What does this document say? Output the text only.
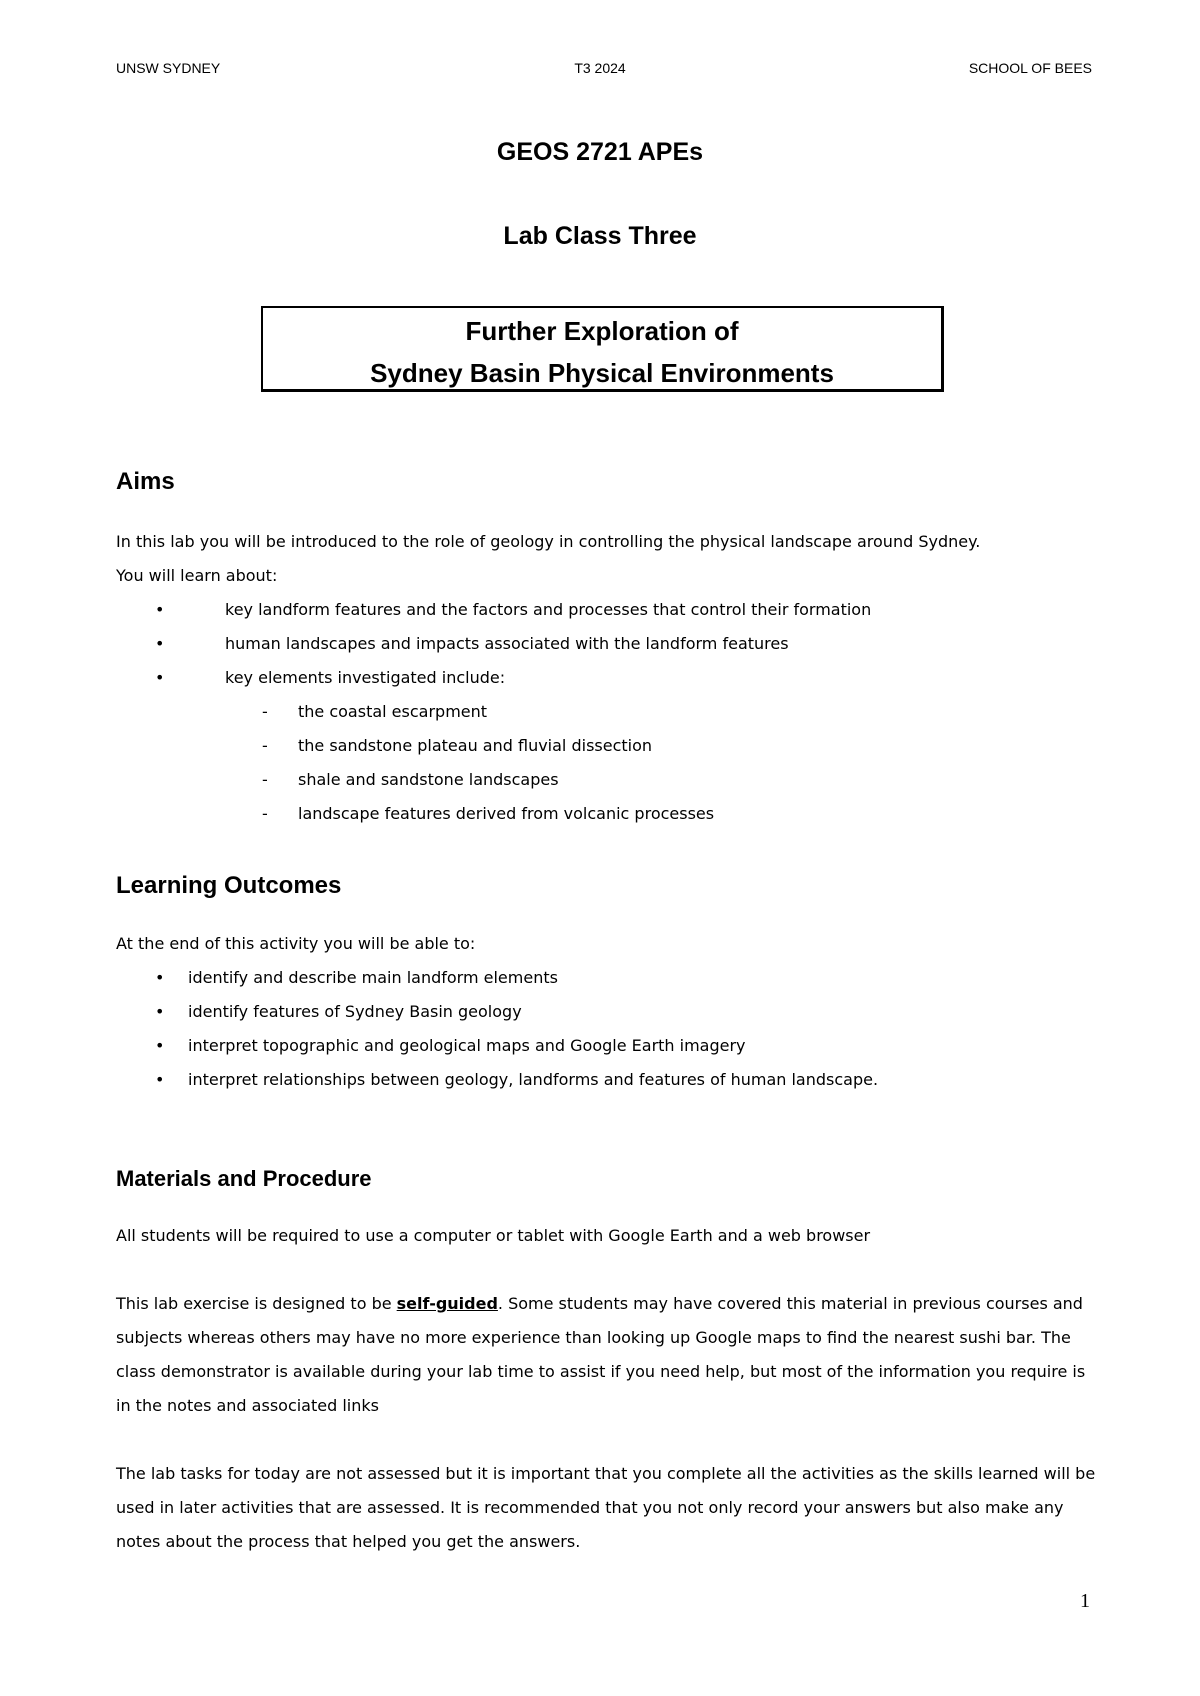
UNSW SYDNEY	T3 2024	SCHOOL OF BEES
GEOS 2721 APEs
Lab Class Three
Further Exploration of
Sydney Basin Physical Environments
Aims
In this lab you will be introduced to the role of geology in controlling the physical landscape around Sydney.
You will learn about:
•	key landform features and the factors and processes that control their formation
•	human landscapes and impacts associated with the landform features
•	key elements investigated include:
- the coastal escarpment
- the sandstone plateau and fluvial dissection
- shale and sandstone landscapes
- landscape features derived from volcanic processes
Learning Outcomes
At the end of this activity you will be able to:
• identify and describe main landform elements
• identify features of Sydney Basin geology
• interpret topographic and geological maps and Google Earth imagery
• interpret relationships between geology, landforms and features of human landscape.
Materials and Procedure
All students will be required to use a computer or tablet with Google Earth and a web browser
This lab exercise is designed to be self-guided. Some students may have covered this material in previous courses and subjects whereas others may have no more experience than looking up Google maps to find the nearest sushi bar. The class demonstrator is available during your lab time to assist if you need help, but most of the information you require is in the notes and associated links
The lab tasks for today are not assessed but it is important that you complete all the activities as the skills learned will be used in later activities that are assessed. It is recommended that you not only record your answers but also make any notes about the process that helped you get the answers.
1
